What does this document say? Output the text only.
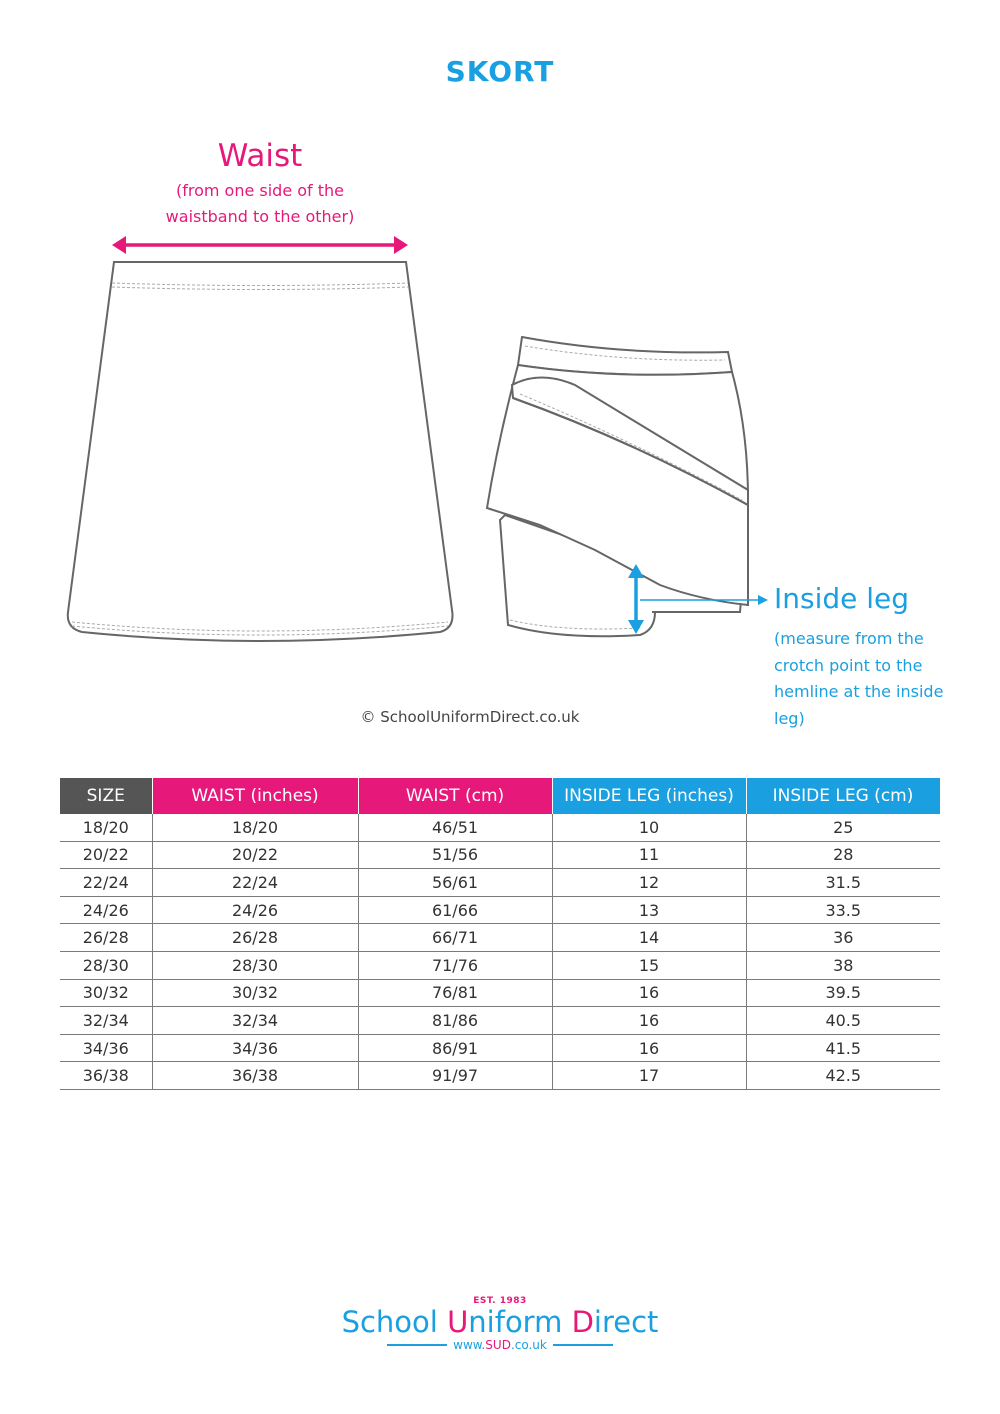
SKORT
Waist
(from one side of the waistband to the other)
Inside leg
(measure from the crotch point to the hemline at the inside leg)
© SchoolUniformDirect.co.uk
SIZE	WAIST (inches)	WAIST (cm)	INSIDE LEG (inches)	INSIDE LEG (cm)
18/20	18/20	46/51	10	25
20/22	20/22	51/56	11	28
22/24	22/24	56/61	12	31.5
24/26	24/26	61/66	13	33.5
26/28	26/28	66/71	14	36
28/30	28/30	71/76	15	38
30/32	30/32	76/81	16	39.5
32/34	32/34	81/86	16	40.5
34/36	34/36	86/91	16	41.5
36/38	36/38	91/97	17	42.5
EST. 1983
School Uniform Direct
www.SUD.co.uk
